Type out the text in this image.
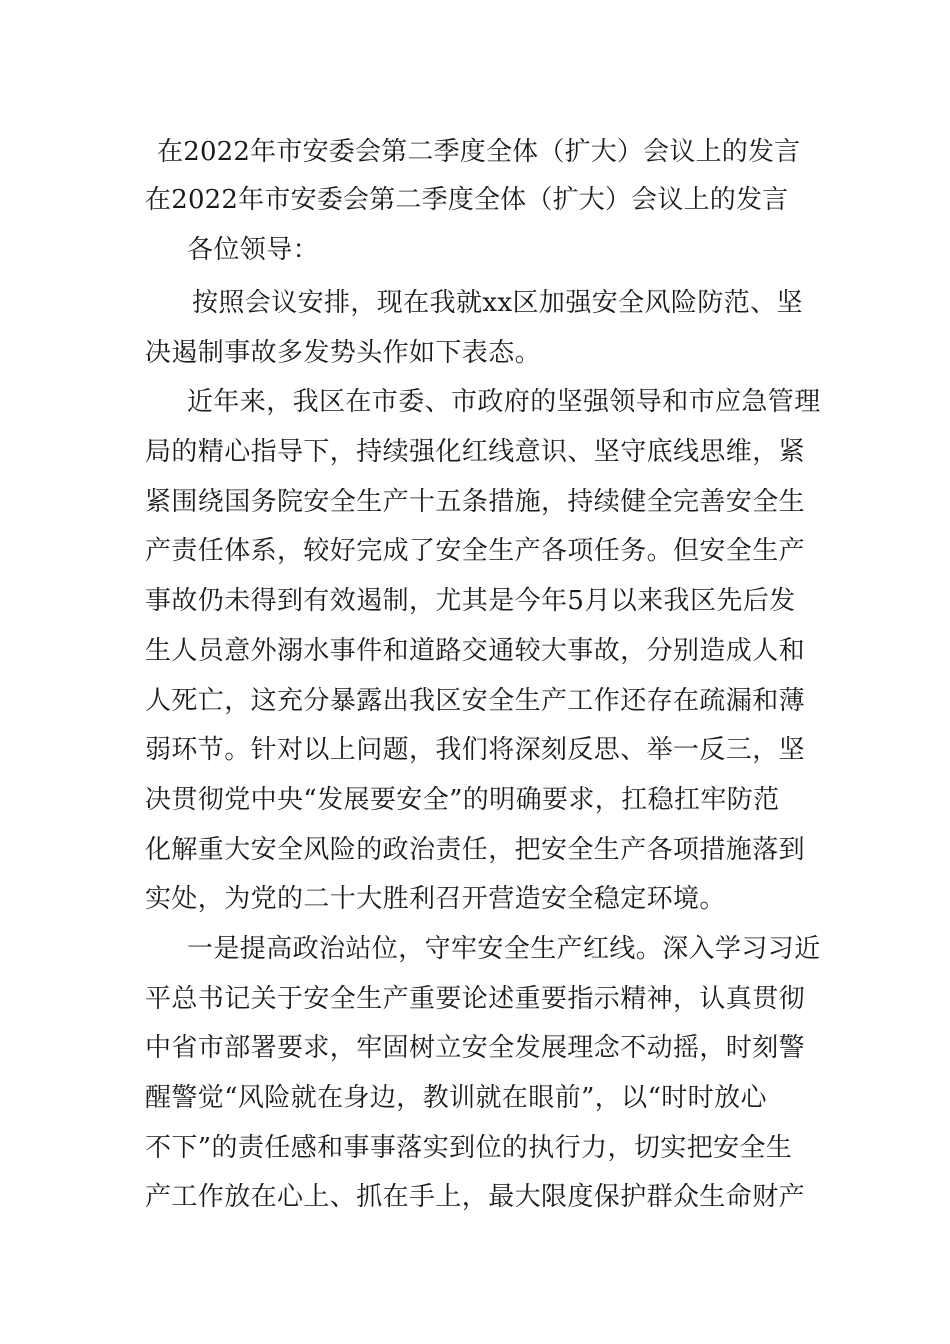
在2022年市安委会第二季度全体（扩大）会议上的发言
在2022年市安委会第二季度全体（扩大）会议上的发言
各位领导：
按照会议安排，现在我就xx区加强安全风险防范、坚
决遏制事故多发势头作如下表态。
近年来，我区在市委、市政府的坚强领导和市应急管理
局的精心指导下，持续强化红线意识、坚守底线思维，紧
紧围绕国务院安全生产十五条措施，持续健全完善安全生
产责任体系，较好完成了安全生产各项任务。但安全生产
事故仍未得到有效遏制，尤其是今年5月以来我区先后发
生人员意外溺水事件和道路交通较大事故，分别造成人和
人死亡，这充分暴露出我区安全生产工作还存在疏漏和薄
弱环节。针对以上问题，我们将深刻反思、举一反三，坚
决贯彻党中央“发展要安全”的明确要求，扛稳扛牢防范
化解重大安全风险的政治责任，把安全生产各项措施落到
实处，为党的二十大胜利召开营造安全稳定环境。
一是提高政治站位，守牢安全生产红线。深入学习习近
平总书记关于安全生产重要论述重要指示精神，认真贯彻
中省市部署要求，牢固树立安全发展理念不动摇，时刻警
醒警觉“风险就在身边，教训就在眼前”，以“时时放心
不下”的责任感和事事落实到位的执行力，切实把安全生
产工作放在心上、抓在手上，最大限度保护群众生命财产
